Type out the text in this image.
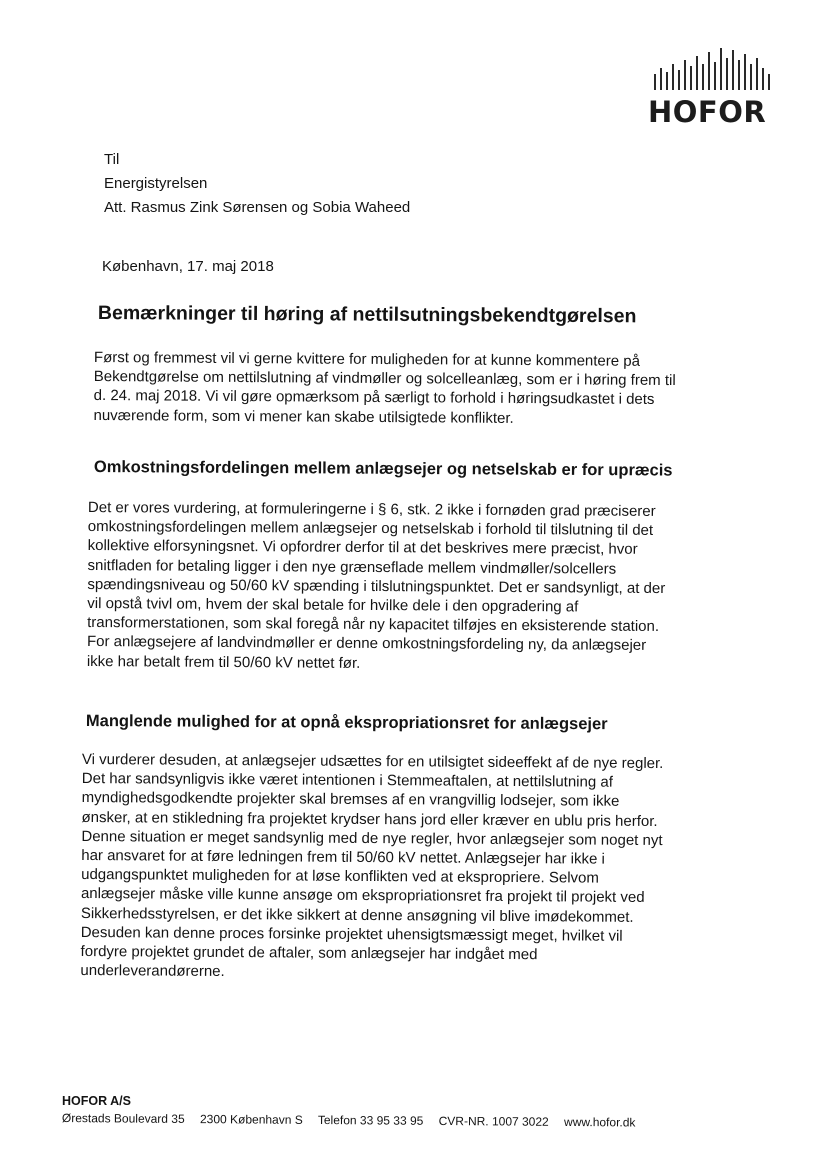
HOFOR
Til
Energistyrelsen
Att. Rasmus Zink Sørensen og Sobia Waheed
København, 17. maj 2018
Bemærkninger til høring af nettilsutningsbekendtgørelsen
Først og fremmest vil vi gerne kvittere for muligheden for at kunne kommentere på
Bekendtgørelse om nettilslutning af vindmøller og solcelleanlæg, som er i høring frem til
d. 24. maj 2018. Vi vil gøre opmærksom på særligt to forhold i høringsudkastet i dets
nuværende form, som vi mener kan skabe utilsigtede konflikter.
Omkostningsfordelingen mellem anlægsejer og netselskab er for upræcis
Det er vores vurdering, at formuleringerne i § 6, stk. 2 ikke i fornøden grad præciserer
omkostningsfordelingen mellem anlægsejer og netselskab i forhold til tilslutning til det
kollektive elforsyningsnet. Vi opfordrer derfor til at det beskrives mere præcist, hvor
snitfladen for betaling ligger i den nye grænseflade mellem vindmøller/solcellers
spændingsniveau og 50/60 kV spænding i tilslutningspunktet. Det er sandsynligt, at der
vil opstå tvivl om, hvem der skal betale for hvilke dele i den opgradering af
transformerstationen, som skal foregå når ny kapacitet tilføjes en eksisterende station.
For anlægsejere af landvindmøller er denne omkostningsfordeling ny, da anlægsejer
ikke har betalt frem til 50/60 kV nettet før.
Manglende mulighed for at opnå ekspropriationsret for anlægsejer
Vi vurderer desuden, at anlægsejer udsættes for en utilsigtet sideeffekt af de nye regler.
Det har sandsynligvis ikke været intentionen i Stemmeaftalen, at nettilslutning af
myndighedsgodkendte projekter skal bremses af en vrangvillig lodsejer, som ikke
ønsker, at en stikledning fra projektet krydser hans jord eller kræver en ublu pris herfor.
Denne situation er meget sandsynlig med de nye regler, hvor anlægsejer som noget nyt
har ansvaret for at føre ledningen frem til 50/60 kV nettet. Anlægsejer har ikke i
udgangspunktet muligheden for at løse konflikten ved at ekspropriere. Selvom
anlægsejer måske ville kunne ansøge om ekspropriationsret fra projekt til projekt ved
Sikkerhedsstyrelsen, er det ikke sikkert at denne ansøgning vil blive imødekommet.
Desuden kan denne proces forsinke projektet uhensigtsmæssigt meget, hvilket vil
fordyre projektet grundet de aftaler, som anlægsejer har indgået med
underleverandørerne.
HOFOR A/S
Ørestads Boulevard 35 2300 København S Telefon 33 95 33 95 CVR-NR. 1007 3022 www.hofor.dk
